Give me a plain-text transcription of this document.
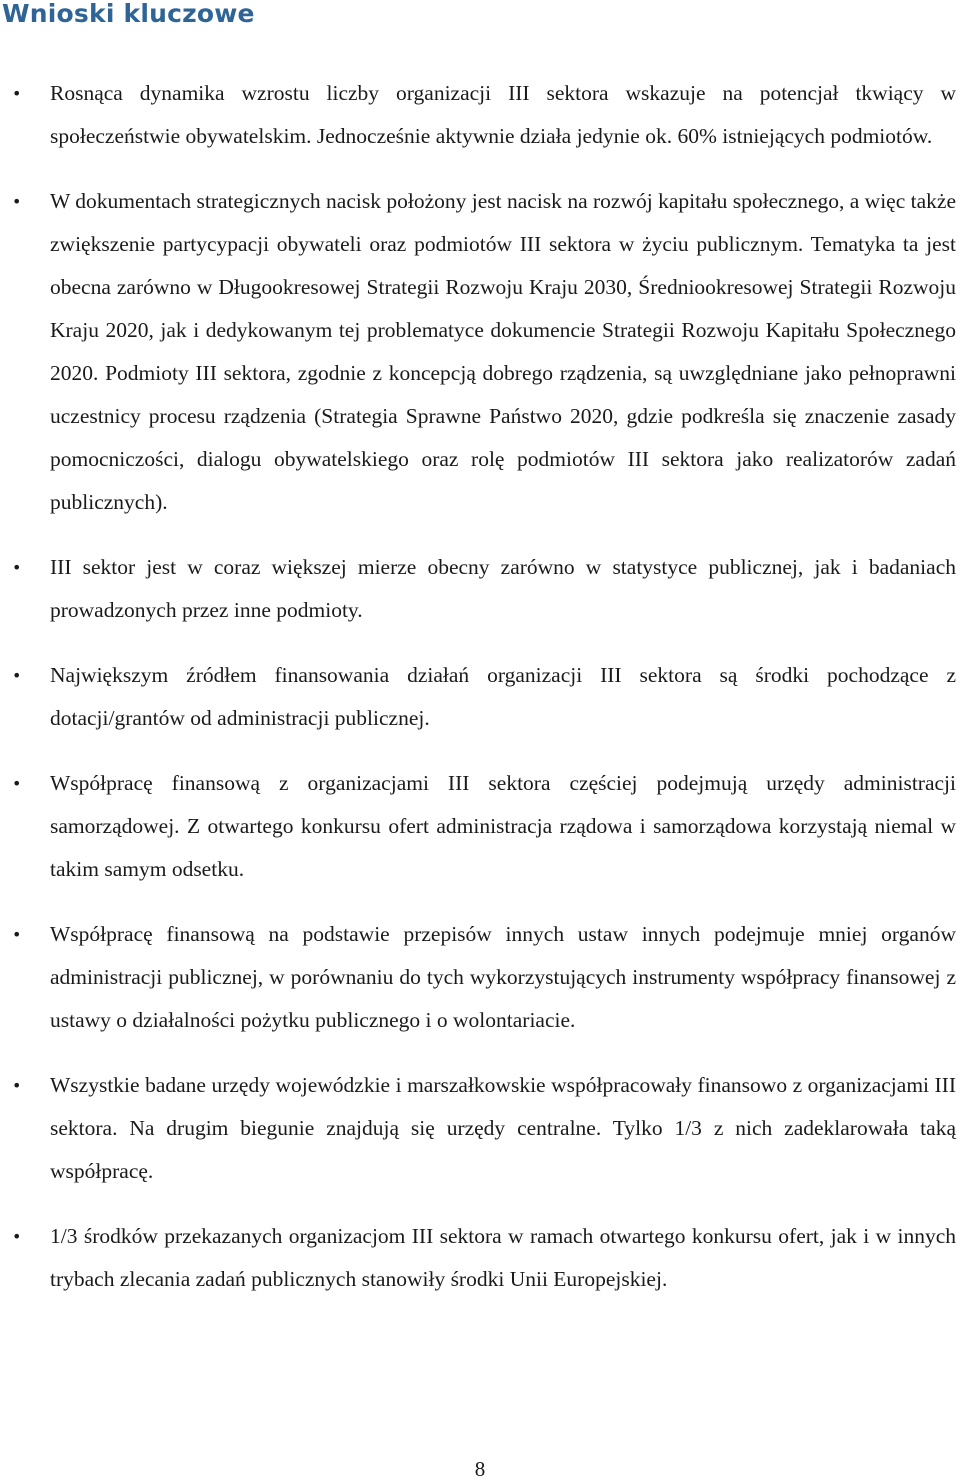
Wnioski kluczowe
• Rosnąca dynamika wzrostu liczby organizacji III sektora wskazuje na potencjał tkwiący w społeczeństwie obywatelskim. Jednocześnie aktywnie działa jedynie ok. 60% istniejących podmiotów.
• W dokumentach strategicznych nacisk położony jest nacisk na rozwój kapitału społecznego, a więc także zwiększenie partycypacji obywateli oraz podmiotów III sektora w życiu publicznym. Tematyka ta jest obecna zarówno w Długookresowej Strategii Rozwoju Kraju 2030, Średniookresowej Strategii Rozwoju Kraju 2020, jak i dedykowanym tej problematyce dokumencie Strategii Rozwoju Kapitału Społecznego 2020. Podmioty III sektora, zgodnie z koncepcją dobrego rządzenia, są uwzględniane jako pełnoprawni uczestnicy procesu rządzenia (Strategia Sprawne Państwo 2020, gdzie podkreśla się znaczenie zasady pomocniczości, dialogu obywatelskiego oraz rolę podmiotów III sektora jako realizatorów zadań publicznych).
• III sektor jest w coraz większej mierze obecny zarówno w statystyce publicznej, jak i badaniach prowadzonych przez inne podmioty.
• Największym źródłem finansowania działań organizacji III sektora są środki pochodzące z dotacji/grantów od administracji publicznej.
• Współpracę finansową z organizacjami III sektora częściej podejmują urzędy administracji samorządowej. Z otwartego konkursu ofert administracja rządowa i samorządowa korzystają niemal w takim samym odsetku.
• Współpracę finansową na podstawie przepisów innych ustaw innych podejmuje mniej organów administracji publicznej, w porównaniu do tych wykorzystujących instrumenty współpracy finansowej z ustawy o działalności pożytku publicznego i o wolontariacie.
• Wszystkie badane urzędy wojewódzkie i marszałkowskie współpracowały finansowo z organizacjami III sektora. Na drugim biegunie znajdują się urzędy centralne. Tylko 1/3 z nich zadeklarowała taką współpracę.
• 1/3 środków przekazanych organizacjom III sektora w ramach otwartego konkursu ofert, jak i w innych trybach zlecania zadań publicznych stanowiły środki Unii Europejskiej.
8
